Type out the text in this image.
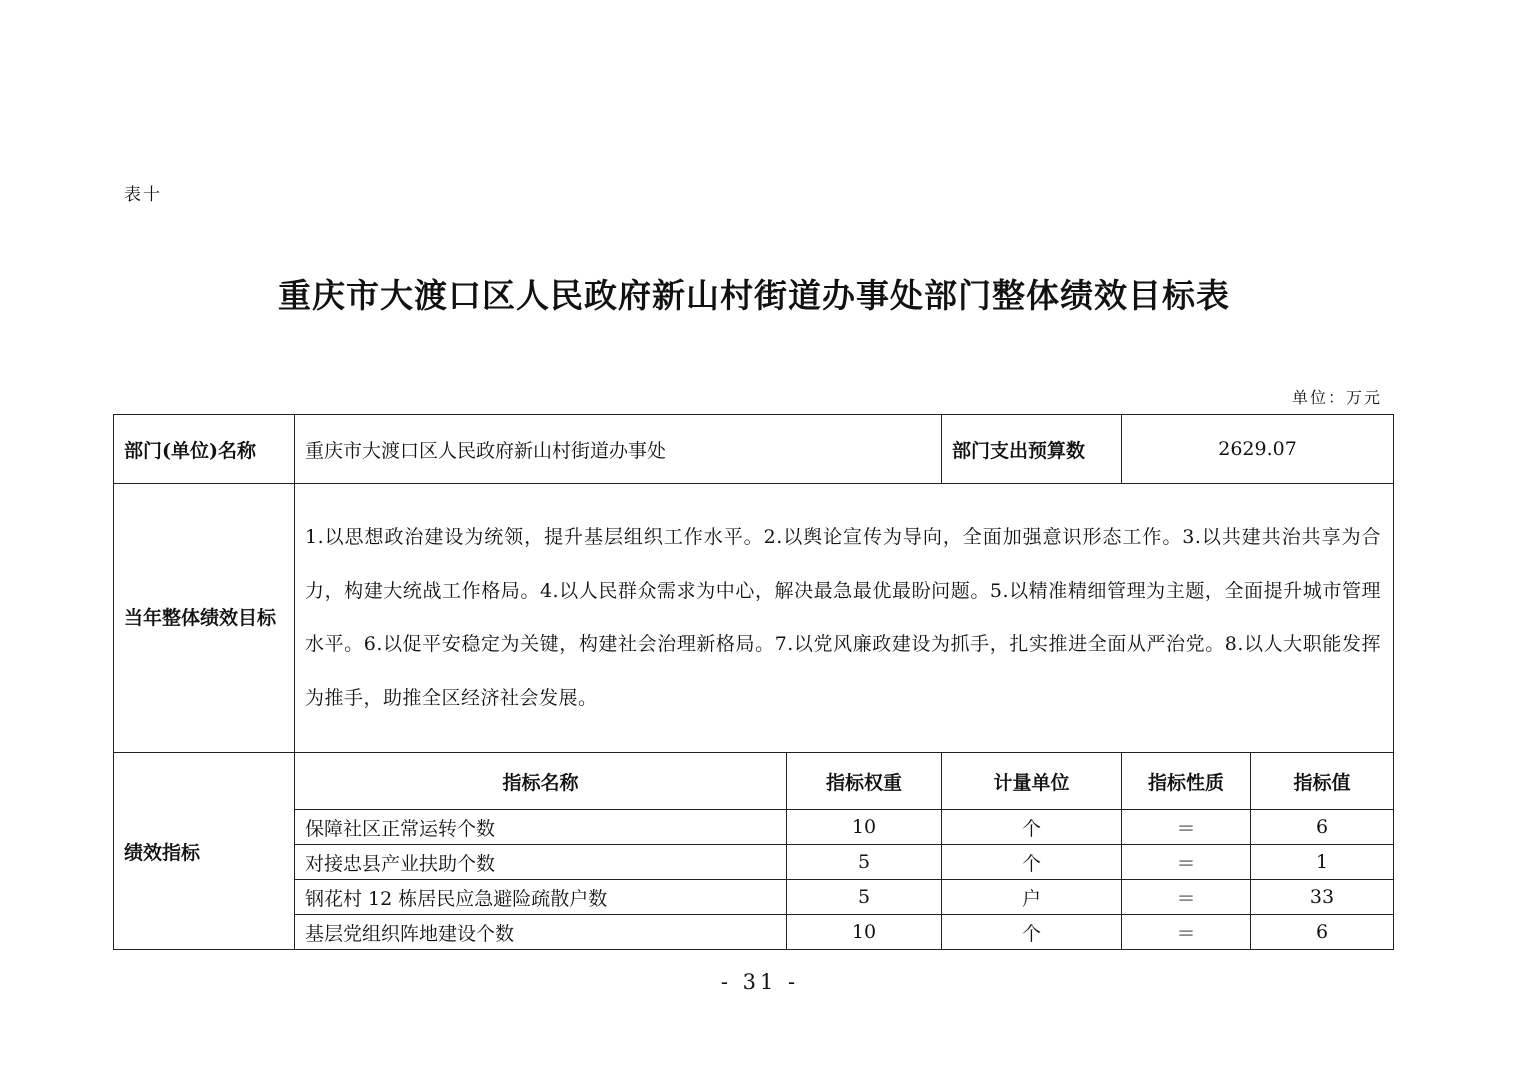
表十
重庆市大渡口区人民政府新山村街道办事处部门整体绩效目标表
单位：万元
部门(单位)名称	重庆市大渡口区人民政府新山村街道办事处		部门支出预算数	2629.07	
当年整体绩效目标	1.以思想政治建设为统领，提升基层组织工作水平。2.以舆论宣传为导向，全面加强意识形态工作。3.以共建共治共享为合力，构建大统战工作格局。4.以人民群众需求为中心，解决最急最优最盼问题。5.以精准精细管理为主题，全面提升城市管理水平。6.以促平安稳定为关键，构建社会治理新格局。7.以党风廉政建设为抓手，扎实推进全面从严治党。8.以人大职能发挥为推手，助推全区经济社会发展。				
绩效指标	指标名称	指标权重	计量单位	指标性质	指标值
	保障社区正常运转个数	10	个	＝	6
	对接忠县产业扶助个数	5	个	＝	1
	钢花村 12 栋居民应急避险疏散户数	5	户	＝	33
	基层党组织阵地建设个数	10	个	＝	6
- 31 -
